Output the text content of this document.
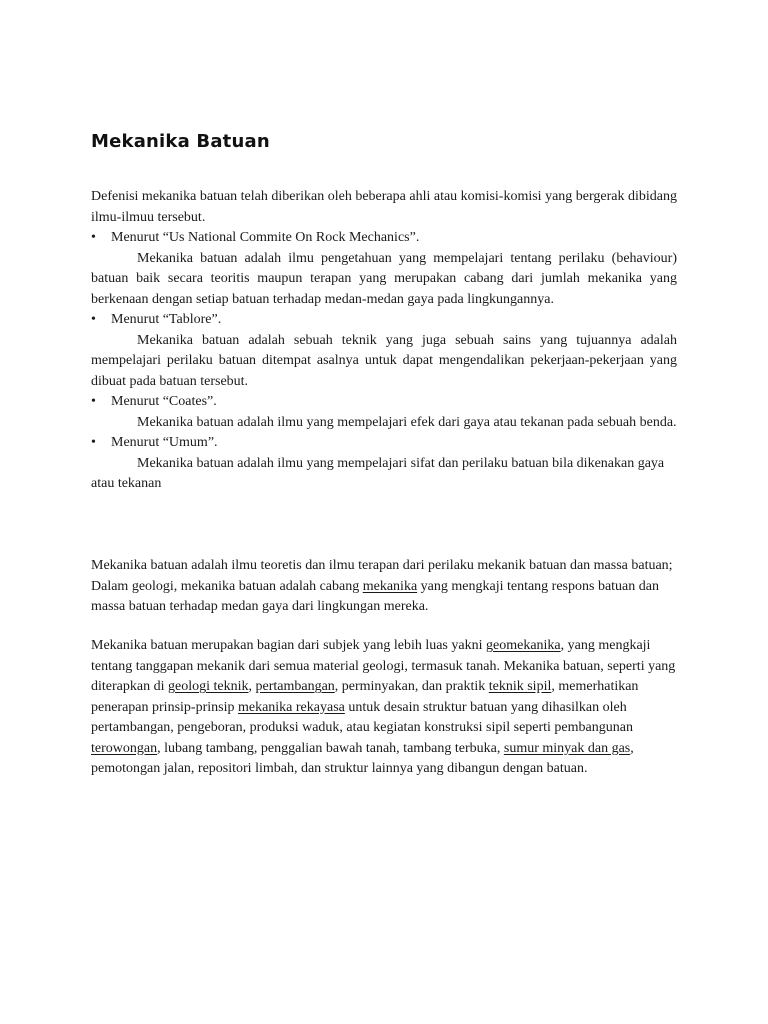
Mekanika Batuan

Defenisi mekanika batuan telah diberikan oleh beberapa ahli atau komisi-komisi yang bergerak dibidang ilmu-ilmuu tersebut.

•	Menurut “Us National Commite On Rock Mechanics”.

Mekanika batuan adalah ilmu pengetahuan yang mempelajari tentang perilaku (behaviour) batuan baik secara teoritis maupun terapan yang merupakan cabang dari jumlah mekanika yang berkenaan dengan setiap batuan terhadap medan-medan gaya pada lingkungannya.

•	Menurut “Tablore”.

Mekanika batuan adalah sebuah teknik yang juga sebuah sains yang tujuannya adalah mempelajari perilaku batuan ditempat asalnya untuk dapat mengendalikan pekerjaan-pekerjaan yang dibuat pada batuan tersebut.

•	Menurut “Coates”.

Mekanika batuan adalah ilmu yang mempelajari efek dari gaya atau tekanan pada sebuah benda.

•	Menurut “Umum”.

Mekanika batuan adalah ilmu yang mempelajari sifat dan perilaku batuan bila dikenakan gaya atau tekanan

Mekanika batuan adalah ilmu teoretis dan ilmu terapan dari perilaku mekanik batuan dan massa batuan; Dalam geologi, mekanika batuan adalah cabang mekanika yang mengkaji tentang respons batuan dan massa batuan terhadap medan gaya dari lingkungan mereka.

Mekanika batuan merupakan bagian dari subjek yang lebih luas yakni geomekanika, yang mengkaji tentang tanggapan mekanik dari semua material geologi, termasuk tanah. Mekanika batuan, seperti yang diterapkan di geologi teknik, pertambangan, perminyakan, dan praktik teknik sipil, memerhatikan penerapan prinsip-prinsip mekanika rekayasa untuk desain struktur batuan yang dihasilkan oleh pertambangan, pengeboran, produksi waduk, atau kegiatan konstruksi sipil seperti pembangunan terowongan, lubang tambang, penggalian bawah tanah, tambang terbuka, sumur minyak dan gas, pemotongan jalan, repositori limbah, dan struktur lainnya yang dibangun dengan batuan.
